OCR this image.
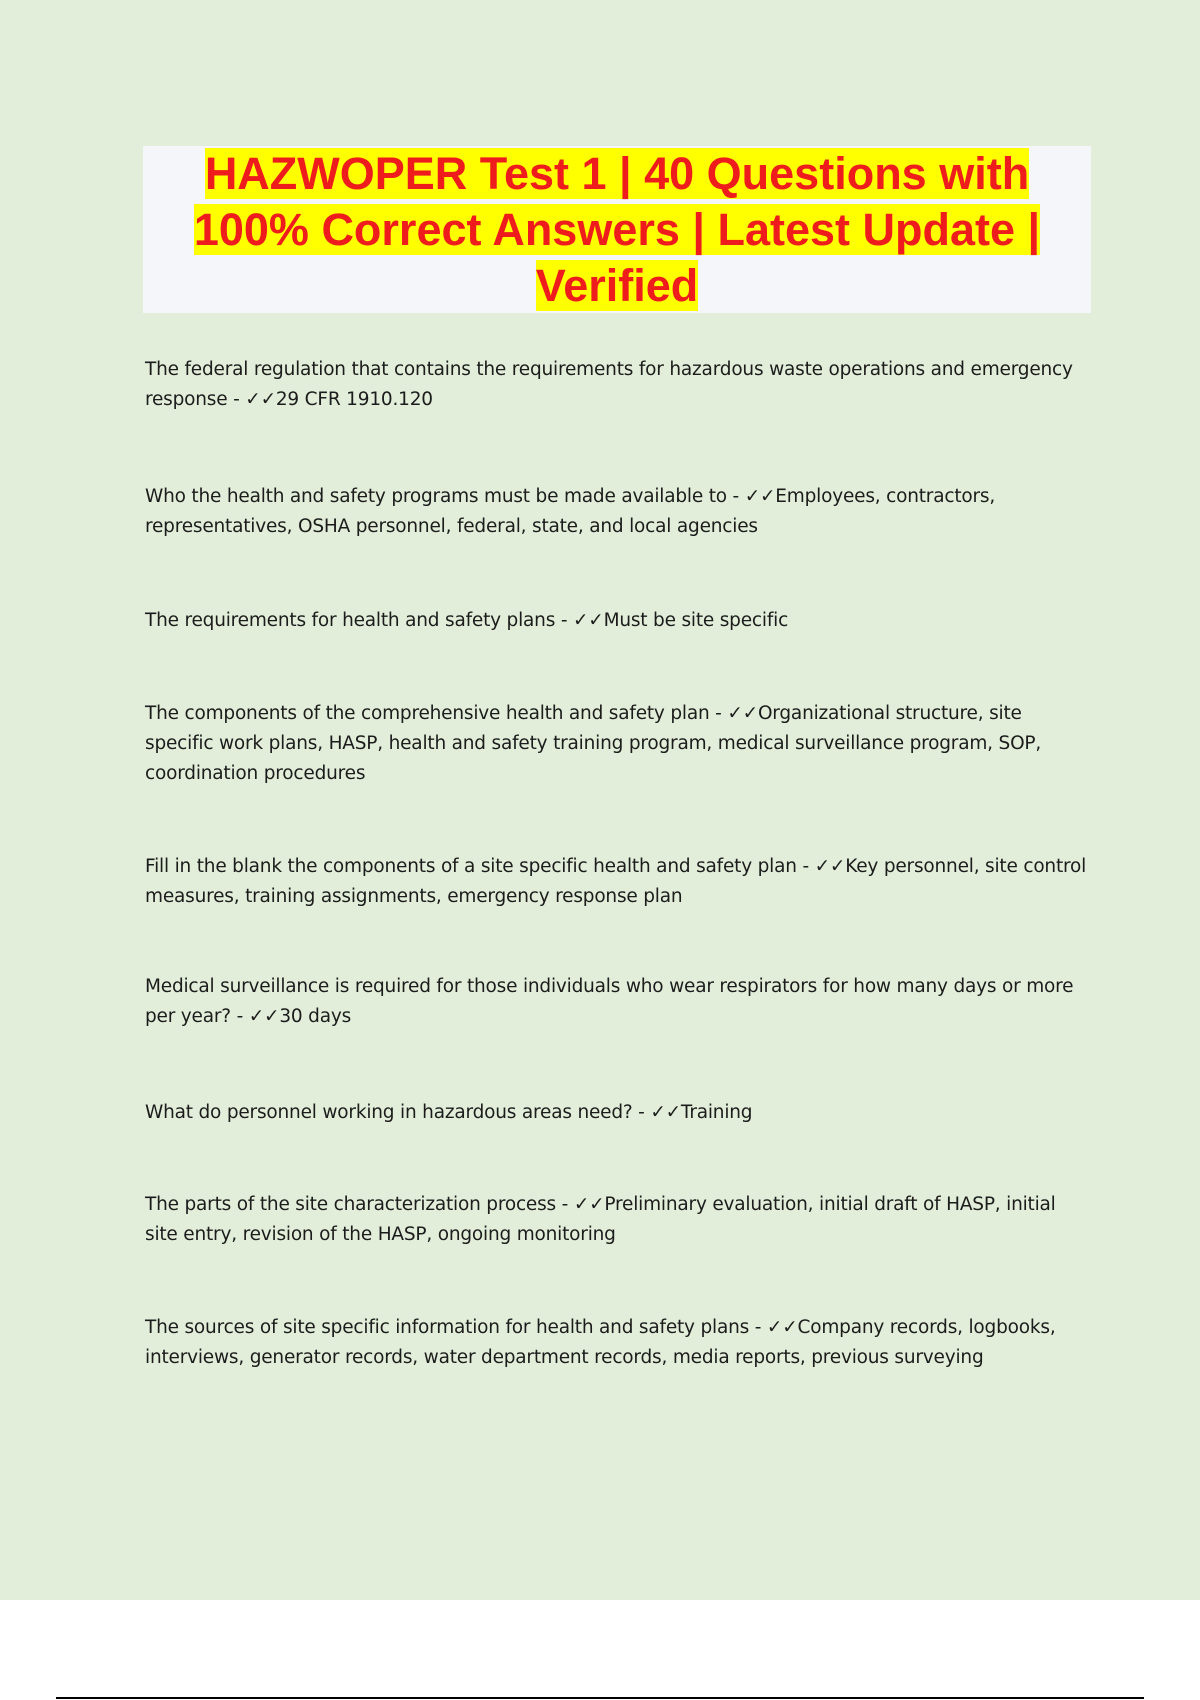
HAZWOPER Test 1 | 40 Questions with 100% Correct Answers | Latest Update | Verified

The federal regulation that contains the requirements for hazardous waste operations and emergency response - ✓✓29 CFR 1910.120

Who the health and safety programs must be made available to - ✓✓Employees, contractors, representatives, OSHA personnel, federal, state, and local agencies

The requirements for health and safety plans - ✓✓Must be site specific

The components of the comprehensive health and safety plan - ✓✓Organizational structure, site specific work plans, HASP, health and safety training program, medical surveillance program, SOP, coordination procedures

Fill in the blank the components of a site specific health and safety plan - ✓✓Key personnel, site control measures, training assignments, emergency response plan

Medical surveillance is required for those individuals who wear respirators for how many days or more per year? - ✓✓30 days

What do personnel working in hazardous areas need? - ✓✓Training

The parts of the site characterization process - ✓✓Preliminary evaluation, initial draft of HASP, initial site entry, revision of the HASP, ongoing monitoring

The sources of site specific information for health and safety plans - ✓✓Company records, logbooks, interviews, generator records, water department records, media reports, previous surveying
